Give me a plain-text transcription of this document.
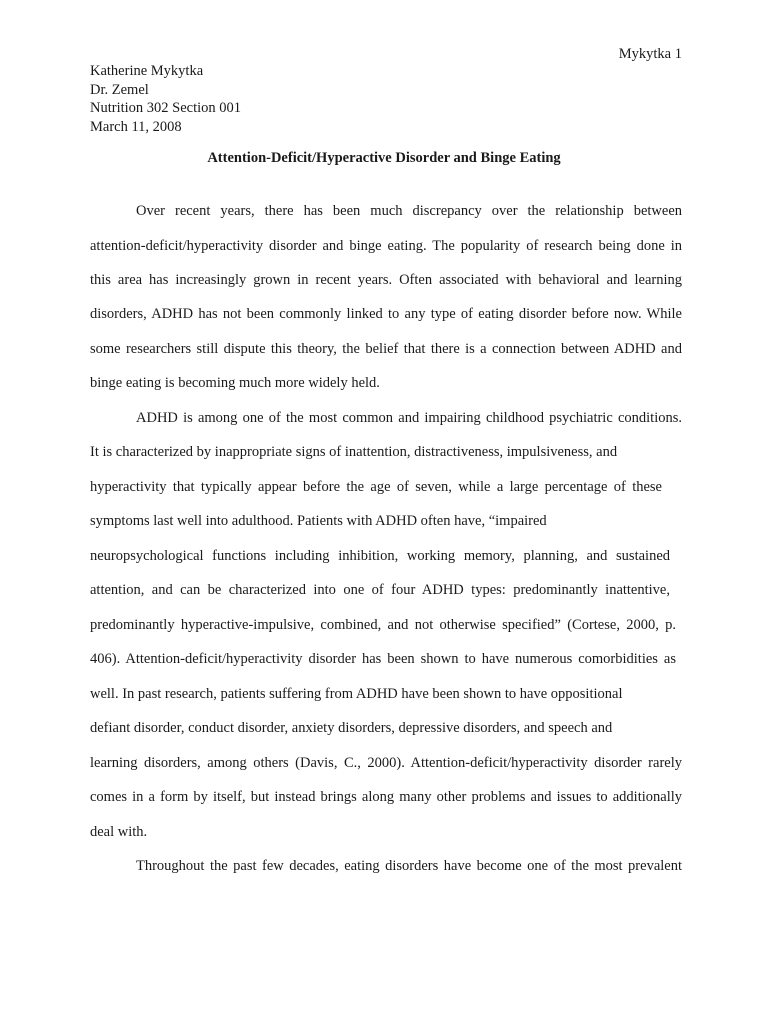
Mykytka 1
Katherine Mykytka
Dr. Zemel
Nutrition 302 Section 001
March 11, 2008
Attention-Deficit/Hyperactive Disorder and Binge Eating
Over recent years, there has been much discrepancy over the relationship between
attention-deficit/hyperactivity disorder and binge eating. The popularity of research being done in
this area has increasingly grown in recent years. Often associated with behavioral and learning
disorders, ADHD has not been commonly linked to any type of eating disorder before now. While
some researchers still dispute this theory, the belief that there is a connection between ADHD and
binge eating is becoming much more widely held.
ADHD is among one of the most common and impairing childhood psychiatric conditions.
It is characterized by inappropriate signs of inattention, distractiveness, impulsiveness, and
hyperactivity that typically appear before the age of seven, while a large percentage of these
symptoms last well into adulthood. Patients with ADHD often have, “impaired
neuropsychological functions including inhibition, working memory, planning, and sustained
attention, and can be characterized into one of four ADHD types: predominantly inattentive,
predominantly hyperactive-impulsive, combined, and not otherwise specified” (Cortese, 2000, p.
406). Attention-deficit/hyperactivity disorder has been shown to have numerous comorbidities as
well. In past research, patients suffering from ADHD have been shown to have oppositional
defiant disorder, conduct disorder, anxiety disorders, depressive disorders, and speech and
learning disorders, among others (Davis, C., 2000). Attention-deficit/hyperactivity disorder rarely
comes in a form by itself, but instead brings along many other problems and issues to additionally
deal with.
Throughout the past few decades, eating disorders have become one of the most prevalent
